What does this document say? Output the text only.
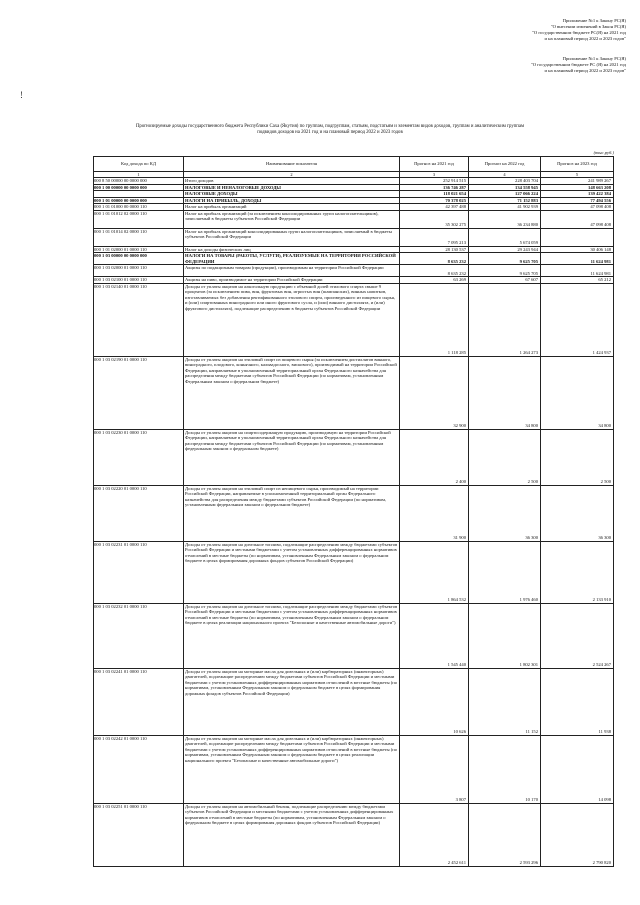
ǃ
Приложение №1 к Закону РС(Я)
"О внесении изменений в Закон РС(Я)
"О государственном бюджете РС(Я) на 2021 год
и на плановый период 2022 и 2023 годов"
Приложение №1 к Закону РС(Я)
"О государственном бюджете РС (Я) на 2021 год
и на плановый период 2022 и 2023 годов"
Прогнозируемые доходы государственного бюджета Республики Саха (Якутия) по группам, подгруппам, статьям, подстатьям и элементам видов доходов, группам и аналитическим группам
подвидов доходов на 2021 год и на плановый период 2022 и 2023 годов
(тыс.руб.)
Код дохода по КД	Наименование показателя	Прогноз на 2021 год	Прогноз на 2022 год	Прогноз на 2023 год
1	2	3	4	5
000 8 50 00000 00 0000 000	Итого доходов	252 914 515	228 403 704	241 989 267
000 1 00 00000 00 0000 000	НАЛОГОВЫЕ И НЕНАЛОГОВЫЕ ДОХОДЫ	136 746 287	134 558 945	148 663 208
	НАЛОГОВЫЕ ДОХОДЫ	118 021 654	127 066 224	139 422 384
000 1 01 00000 00 0000 000	НАЛОГИ НА ПРИБЫЛЬ, ДОХОДЫ	70 378 025	71 152 883	77 494 556
000 1 01 01000 00 0000 110	Налог на прибыль организаций	42 397 488	41 902 939	47 098 408
000 1 01 01012 02 0000 110	Налог на прибыль организаций (за исключением консолидированных групп налогоплательщиков), зачисляемый в бюджеты субъектов Российской Федерации	35 302 275	36 234 880	47 098 408
000 1 01 01014 02 0000 110	Налог на прибыль организаций консолидированных групп налогоплательщиков, зачисляемый в бюджеты субъектов Российской Федерации	7 095 213	5 674 059	
000 1 01 02000 01 0000 110	Налог на доходы физических лиц	28 130 537	29 243 944	30 406 148
000 1 03 00000 00 0000 000	НАЛОГИ НА ТОВАРЫ (РАБОТЫ, УСЛУГИ), РЕАЛИЗУЕМЫЕ НА ТЕРРИТОРИИ РОССИЙСКОЙ ФЕДЕРАЦИИ	8 635 232	9 625 705	11 624 981
000 1 03 02000 01 0000 110	Акцизы по подакцизным товарам (продукции), производимым на территории Российской Федерации	8 635 232	9 625 705	11 624 981
000 1 03 02100 01 0000 110	Акцизы на пиво, производимое на территории Российской Федерации	63 269	67 607	65 212
000 1 03 02140 01 0000 110	Доходы от уплаты акцизов на алкогольную продукцию с объемной долей этилового спирта свыше 9 процентов (за исключением пива, вин, фруктовых вин, игристых вин (шампанских), винных напитков, изготавливаемых без добавления ректификованного этилового спирта, произведенного из пищевого сырья, и (или) спиртованных виноградного или иного фруктового сусла, и (или) винного дистиллята, и (или) фруктового дистиллята), подлежащие распределению в бюджеты субъектов Российской Федерации	1 118 285	1 264 273	1 424 937
000 1 03 02190 01 0000 110	Доходы от уплаты акцизов на этиловый спирт из пищевого сырья (за исключением дистиллятов винного, виноградного, плодового, коньячного, кальвадосного, вискового), производимый на территории Российской Федерации, направляемые в уполномоченный территориальный орган Федерального казначейства для распределения между бюджетами субъектов Российской Федерации (по нормативам, установленным Федеральным законом о федеральном бюджете)	32 900	34 800	34 800
000 1 03 02230 01 0000 110	Доходы от уплаты акцизов на спиртосодержащую продукцию, производимую на территории Российской Федерации, направляемые в уполномоченный территориальный орган Федерального казначейства для распределения между бюджетами субъектов Российской Федерации (по нормативам, установленным федеральным законом о федеральном бюджете)	2 400	2 500	2 500
000 1 03 02220 01 0000 110	Доходы от уплаты акцизов на этиловый спирт из непищевого сырья, производимый на территории Российской Федерации, направляемые в уполномоченный территориальный орган Федерального казначейства для распределения между бюджетами субъектов Российской Федерации (по нормативам, установленным федеральным законом о федеральном бюджете)	31 900	36 300	36 300
000 1 03 02231 01 0000 110	Доходы от уплаты акцизов на дизельное топливо, подлежащие распределению между бюджетами субъектов Российской Федерации и местными бюджетами с учетом установленных дифференцированных нормативов отчислений в местные бюджеты (по нормативам, установленным Федеральным законом о федеральном бюджете в целях формирования дорожных фондов субъектов Российской Федерации)	1 864 532	1 976 460	2 133 910
000 1 03 02232 01 0000 110	Доходы от уплаты акцизов на дизельное топливо, подлежащие распределению между бюджетами субъектов Российской Федерации и местными бюджетами с учетом установленных дифференцированных нормативов отчислений в местные бюджеты (по нормативам, установленным Федеральным законом о федеральном бюджете в целях реализации национального проекта "Безопасные и качественные автомобильные дороги")	1 545 440	1 802 301	2 524 267
000 1 03 02241 01 0000 110	Доходы от уплаты акцизов на моторные масла для дизельных и (или) карбюраторных (инжекторных) двигателей, подлежащие распределению между бюджетами субъектов Российской Федерации и местными бюджетами с учетом установленных дифференцированных нормативов отчислений в местные бюджеты (по нормативам, установленным Федеральным законом о федеральном бюджете в целях формирования дорожных фондов субъектов Российской Федерации)	10 626	11 152	11 938
000 1 03 02242 01 0000 110	Доходы от уплаты акцизов на моторные масла для дизельных и (или) карбюраторных (инжекторных) двигателей, подлежащие распределению между бюджетами субъектов Российской Федерации и местными бюджетами с учетом установленных дифференцированных нормативов отчислений в местные бюджеты (по нормативам, установленным Федеральным законом о федеральном бюджете в целях реализации национального проекта "Безопасные и качественные автомобильные дороги")	3 807	10 170	14 098
000 1 03 02251 01 0000 110	Доходы от уплаты акцизов на автомобильный бензин, подлежащие распределению между бюджетами субъектов Российской Федерации и местными бюджетами с учетом установленных дифференцированных нормативов отчислений в местные бюджеты (по нормативам, установленным Федеральным законом о федеральном бюджете в целях формирования дорожных фондов субъектов Российской Федерации)	2 452 611	2 593 296	2 790 820
